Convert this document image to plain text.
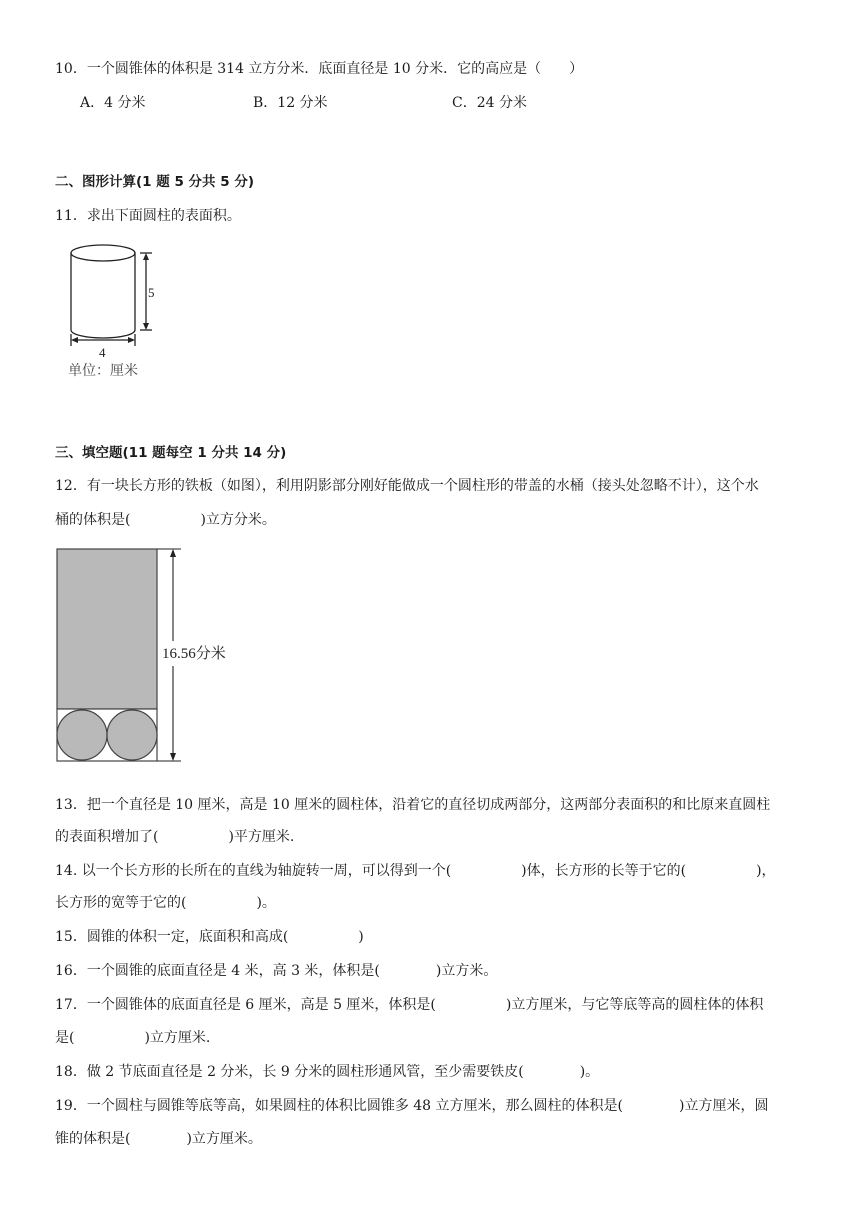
10．一个圆锥体的体积是 314 立方分米．底面直径是 10 分米．它的高应是（　　）
A．4 分米	B．12 分米	C．24 分米
二、图形计算(1 题 5 分共 5 分)
11．求出下面圆柱的表面积。
5
4
单位：厘米
三、填空题(11 题每空 1 分共 14 分)
12．有一块长方形的铁板（如图），利用阴影部分刚好能做成一个圆柱形的带盖的水桶（接头处忽略不计），这个水
桶的体积是(　　　　　)立方分米。
16.56分米
13．把一个直径是 10 厘米，高是 10 厘米的圆柱体，沿着它的直径切成两部分，这两部分表面积的和比原来直圆柱
的表面积增加了(　　　　　)平方厘米.
14. 以一个长方形的长所在的直线为轴旋转一周，可以得到一个(　　　　　)体，长方形的长等于它的(　　　　　)，
长方形的宽等于它的(　　　　　)。
15．圆锥的体积一定，底面积和高成(　　　　　)
16．一个圆锥的底面直径是 4 米，高 3 米，体积是(　　　　)立方米。
17．一个圆锥体的底面直径是 6 厘米，高是 5 厘米，体积是(　　　　　)立方厘米，与它等底等高的圆柱体的体积
是(　　　　　)立方厘米.
18．做 2 节底面直径是 2 分米，长 9 分米的圆柱形通风管，至少需要铁皮(　　　　)。
19．一个圆柱与圆锥等底等高，如果圆柱的体积比圆锥多 48 立方厘米，那么圆柱的体积是(　　　　)立方厘米，圆
锥的体积是(　　　　)立方厘米。
